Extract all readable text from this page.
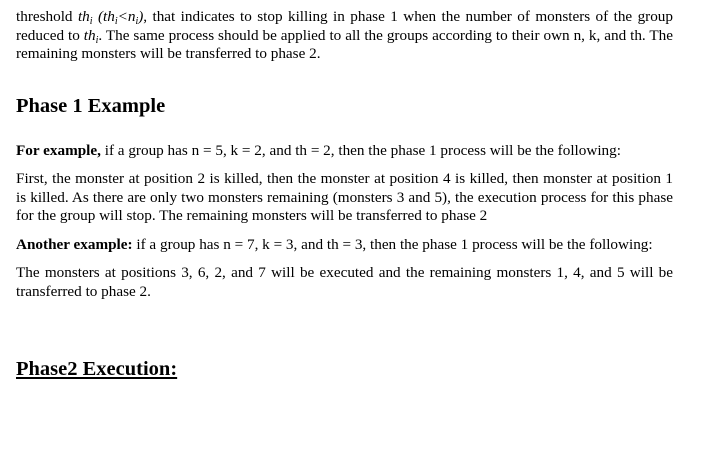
threshold $th_i$ $(th_i<n_i)$, that indicates to stop killing in phase 1 when the number of monsters of the group reduced to $th_i$. The same process should be applied to all the groups according to their own n, k, and th. The remaining monsters will be transferred to phase 2.

Phase 1 Example

For example, if a group has n = 5, k = 2, and th = 2, then the phase 1 process will be the following:

First, the monster at position 2 is killed, then the monster at position 4 is killed, then monster at position 1 is killed. As there are only two monsters remaining (monsters 3 and 5), the execution process for this phase for the group will stop. The remaining monsters will be transferred to phase 2

Another example: if a group has n = 7, k = 3, and th = 3, then the phase 1 process will be the following:

The monsters at positions 3, 6, 2, and 7 will be executed and the remaining monsters 1, 4, and 5 will be transferred to phase 2.

Phase2 Execution:
